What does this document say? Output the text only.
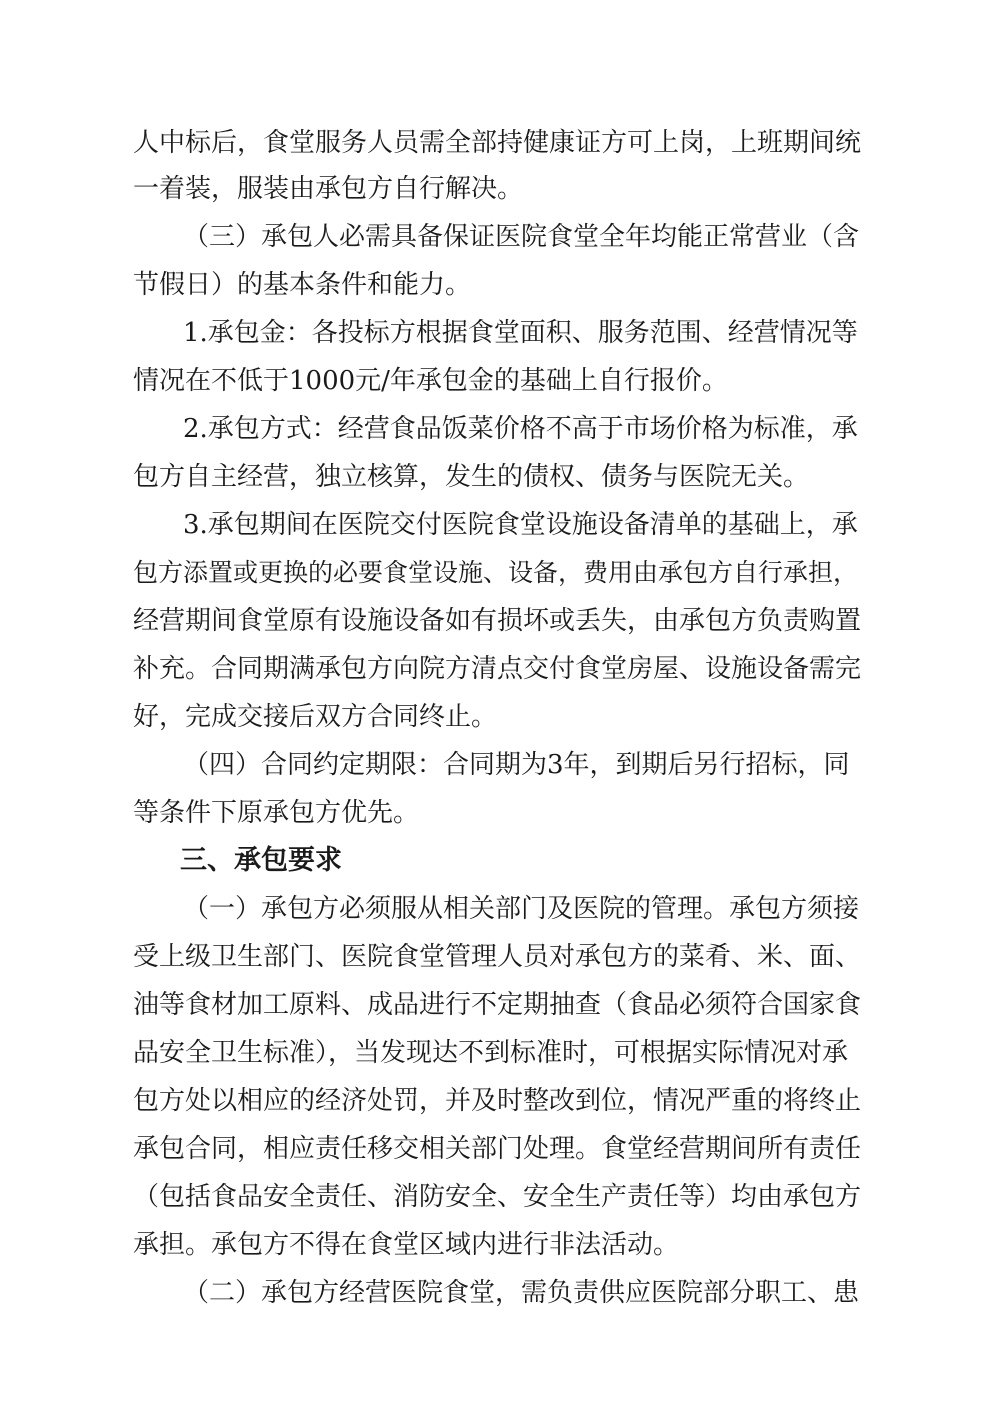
人中标后，食堂服务人员需全部持健康证方可上岗，上班期间统
一着装，服装由承包方自行解决。
（三）承包人必需具备保证医院食堂全年均能正常营业（含
节假日）的基本条件和能力。
1.承包金：各投标方根据食堂面积、服务范围、经营情况等
情况在不低于1000元/年承包金的基础上自行报价。
2.承包方式：经营食品饭菜价格不高于市场价格为标准，承
包方自主经营，独立核算，发生的债权、债务与医院无关。
3.承包期间在医院交付医院食堂设施设备清单的基础上，承
包方添置或更换的必要食堂设施、设备，费用由承包方自行承担，
经营期间食堂原有设施设备如有损坏或丢失，由承包方负责购置
补充。合同期满承包方向院方清点交付食堂房屋、设施设备需完
好，完成交接后双方合同终止。
（四）合同约定期限：合同期为3年，到期后另行招标，同
等条件下原承包方优先。
三、承包要求
（一）承包方必须服从相关部门及医院的管理。承包方须接
受上级卫生部门、医院食堂管理人员对承包方的菜肴、米、面、
油等食材加工原料、成品进行不定期抽查（食品必须符合国家食
品安全卫生标准），当发现达不到标准时，可根据实际情况对承
包方处以相应的经济处罚，并及时整改到位，情况严重的将终止
承包合同，相应责任移交相关部门处理。食堂经营期间所有责任
（包括食品安全责任、消防安全、安全生产责任等）均由承包方
承担。承包方不得在食堂区域内进行非法活动。
（二）承包方经营医院食堂，需负责供应医院部分职工、患
